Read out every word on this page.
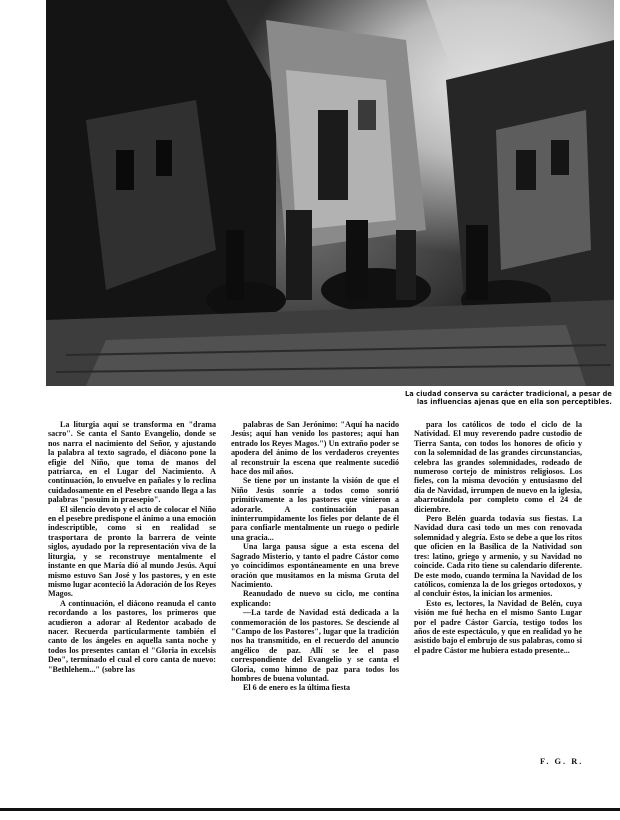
La ciudad conserva su carácter tradicional, a pesar de
las influencias ajenas que en ella son perceptibles.

La liturgia aquí se transforma en "drama sacro". Se canta el Santo Evangelio, donde se nos narra el nacimiento del Señor, y ajustando la palabra al texto sagrado, el diácono pone la efigie del Niño, que toma de manos del patriarca, en el Lugar del Nacimiento. A continuación, lo envuelve en pañales y lo reclina cuidadosamente en el Pesebre cuando llega a las palabras "posuim in praesepio".

El silencio devoto y el acto de colocar el Niño en el pesebre predispone el ánimo a una emoción indescriptible, como si en realidad se trasportara de pronto la barrera de veinte siglos, ayudado por la representación viva de la liturgia, y se reconstruye mentalmente el instante en que María dió al mundo Jesús. Aquí mismo estuvo San José y los pastores, y en este mismo lugar aconteció la Adoración de los Reyes Magos.

A continuación, el diácono reanuda el canto recordando a los pastores, los primeros que acudieron a adorar al Redentor acabado de nacer. Recuerda particularmente también el canto de los ángeles en aquella santa noche y todos los presentes cantan el "Gloria in excelsis Deo", terminado el cual el coro canta de nuevo: "Bethlehem..." (sobre las

palabras de San Jerónimo: "Aquí ha nacido Jesús; aquí han venido los pastores; aquí han entrado los Reyes Magos.") Un extraño poder se apodera del ánimo de los verdaderos creyentes al reconstruir la escena que realmente sucedió hace dos mil años.

Se tiene por un instante la visión de que el Niño Jesús sonríe a todos como sonrió primitivamente a los pastores que vinieron a adorarle. A continuación pasan ininterrumpidamente los fieles por delante de él para confiarle mentalmente un ruego o pedirle una gracia...

Una larga pausa sigue a esta escena del Sagrado Misterio, y tanto el padre Cástor como yo coincidimos espontáneamente en una breve oración que musitamos en la misma Gruta del Nacimiento.

Reanudado de nuevo su ciclo, me contina explicando:

—La tarde de Navidad está dedicada a la conmemoración de los pastores. Se desciende al "Campo de los Pastores", lugar que la tradición nos ha transmitido, en el recuerdo del anuncio angélico de paz. Allí se lee el paso correspondiente del Evangelio y se canta el Gloria, como himno de paz para todos los hombres de buena voluntad.

El 6 de enero es la última fiesta

para los católicos de todo el ciclo de la Natividad. El muy reverendo padre custodio de Tierra Santa, con todos los honores de oficio y con la solemnidad de las grandes circunstancias, celebra las grandes solemnidades, rodeado de numeroso cortejo de ministros religiosos. Los fieles, con la misma devoción y entusiasmo del día de Navidad, irrumpen de nuevo en la iglesia, abarrotándola por completo como el 24 de diciembre.

Pero Belén guarda todavía sus fiestas. La Navidad dura casi todo un mes con renovada solemnidad y alegría. Esto se debe a que los ritos que oficien en la Basílica de la Natividad son tres: latino, griego y armenio, y su Navidad no coincide. Cada rito tiene su calendario diferente. De este modo, cuando termina la Navidad de los católicos, comienza la de los griegos ortodoxos, y al concluir éstos, la inician los armenios.

Esto es, lectores, la Navidad de Belén, cuya visión me fué hecha en el mismo Santo Lugar por el padre Cástor García, testigo todos los años de este espectáculo, y que en realidad yo he asistido bajo el embrujo de sus palabras, como si el padre Cástor me hubiera estado presente...

F. G. R.
